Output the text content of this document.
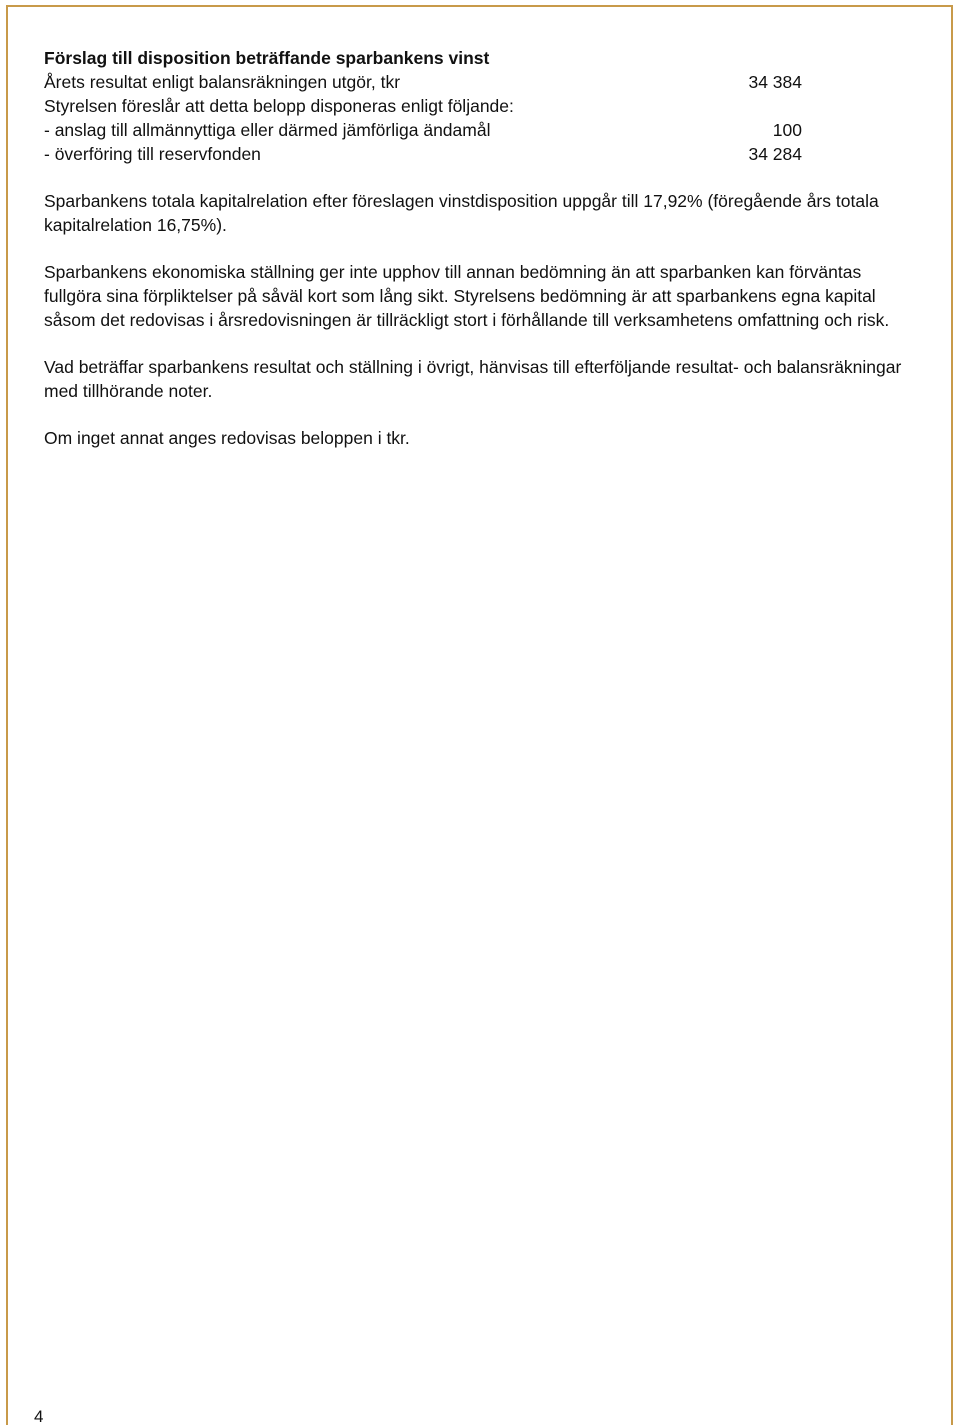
Förslag till disposition beträffande sparbankens vinst

Årets resultat enligt balansräkningen utgör, tkr	34 384
Styrelsen föreslår att detta belopp disponeras enligt följande:
- anslag till allmännyttiga eller därmed jämförliga ändamål	100
- överföring till reservfonden	34 284

Sparbankens totala kapitalrelation efter föreslagen vinstdisposition uppgår till 17,92% (föregående års totala kapitalrelation 16,75%).

Sparbankens ekonomiska ställning ger inte upphov till annan bedömning än att sparbanken kan förväntas fullgöra sina förpliktelser på såväl kort som lång sikt. Styrelsens bedömning är att sparbankens egna kapital såsom det redovisas i årsredovisningen är tillräckligt stort i förhållande till verksamhetens omfattning och risk.

Vad beträffar sparbankens resultat och ställning i övrigt, hänvisas till efterföljande resultat- och balansräkningar med tillhörande noter.

Om inget annat anges redovisas beloppen i tkr.

4
